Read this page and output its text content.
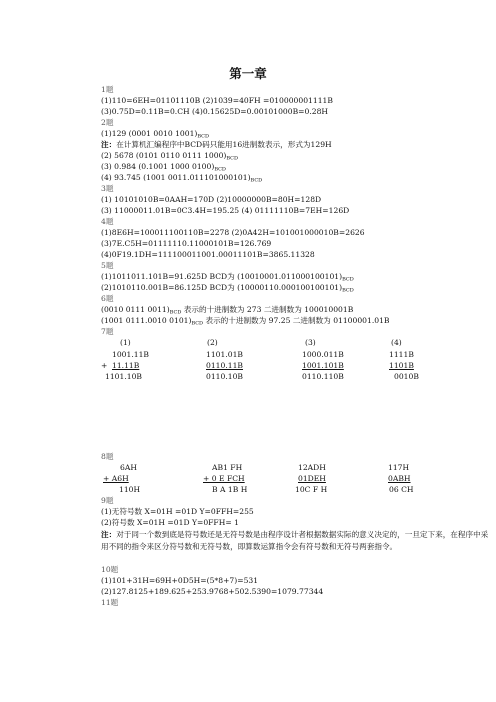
第一章
1题
(1)110=6EH=01101110B (2)1039=40FH =010000001111B
(3)0.75D=0.11B=0.CH (4)0.15625D=0.00101000B=0.28H
2题
(1)129 (0001 0010 $1001)_{BCD}$
注：在计算机汇编程序中BCD码只能用16进制数表示，形式为129H
(2) 5678 (0101 0110 0111 $1000)_{BCD}$
(3) 0.984 (0.1001 1000 $0100)_{BCD}$
(4) 93.745 (1001 $0011.011101000101)_{BCD}$
3题
(1) 10101010B=0AAH=170D (2)10000000B=80H=128D
(3) 11000011.01B=0C3.4H=195.25 (4) 01111110B=7EH=126D
4题
(1)8E6H=100011100110B=2278 (2)0A42H=101001000010B=2626
(3)7E.C5H=01111110.11000101B=126.769
(4)0F19.1DH=111100011001.00011101B=3865.11328
5题
(1)1011011.101B=91.625D BCD为 $(10010001.011000100101)_{BCD}$
(2)1010110.001B=86.125D BCD为 $(10000110.000100100101)_{BCD}$
6题
(0010 0111 $0011)_{BCD}$ 表示的十进制数为 273 二进制数为 100010001B
(1001 0111.0010 $0101)_{BCD}$ 表示的十进制数为 97.25 二进制数为 01100001.01B
7题
(1)	(2)	(3)	(4)
1001.11B	1101.01B	1000.011B	1111B
+ 11.11B	0110.11B	1001.101B	1101B
1101.10B	0110.10B	0110.110B	0010B
8题
6AH	AB1 FH	12ADH	117H
+ A6H	+ 0 E FCH	01DEH	0ABH
110H	B A 1B H	10C F H	06 CH
9题
(1)无符号数 X=01H =01D Y=0FFH=255
(2)符号数 X=01H =01D Y=0FFH= 1
注：对于同一个数到底是符号数还是无符号数是由程序设计者根据数据实际的意义决定的，一旦定下来，在程序中采用不同的指令来区分符号数和无符号数，即算数运算指令会有符号数和无符号两套指令。
10题
(1)101+31H=69H+0D5H=(5*8+7)=531
(2)127.8125+189.625+253.9768+502.5390=1079.77344
11题
